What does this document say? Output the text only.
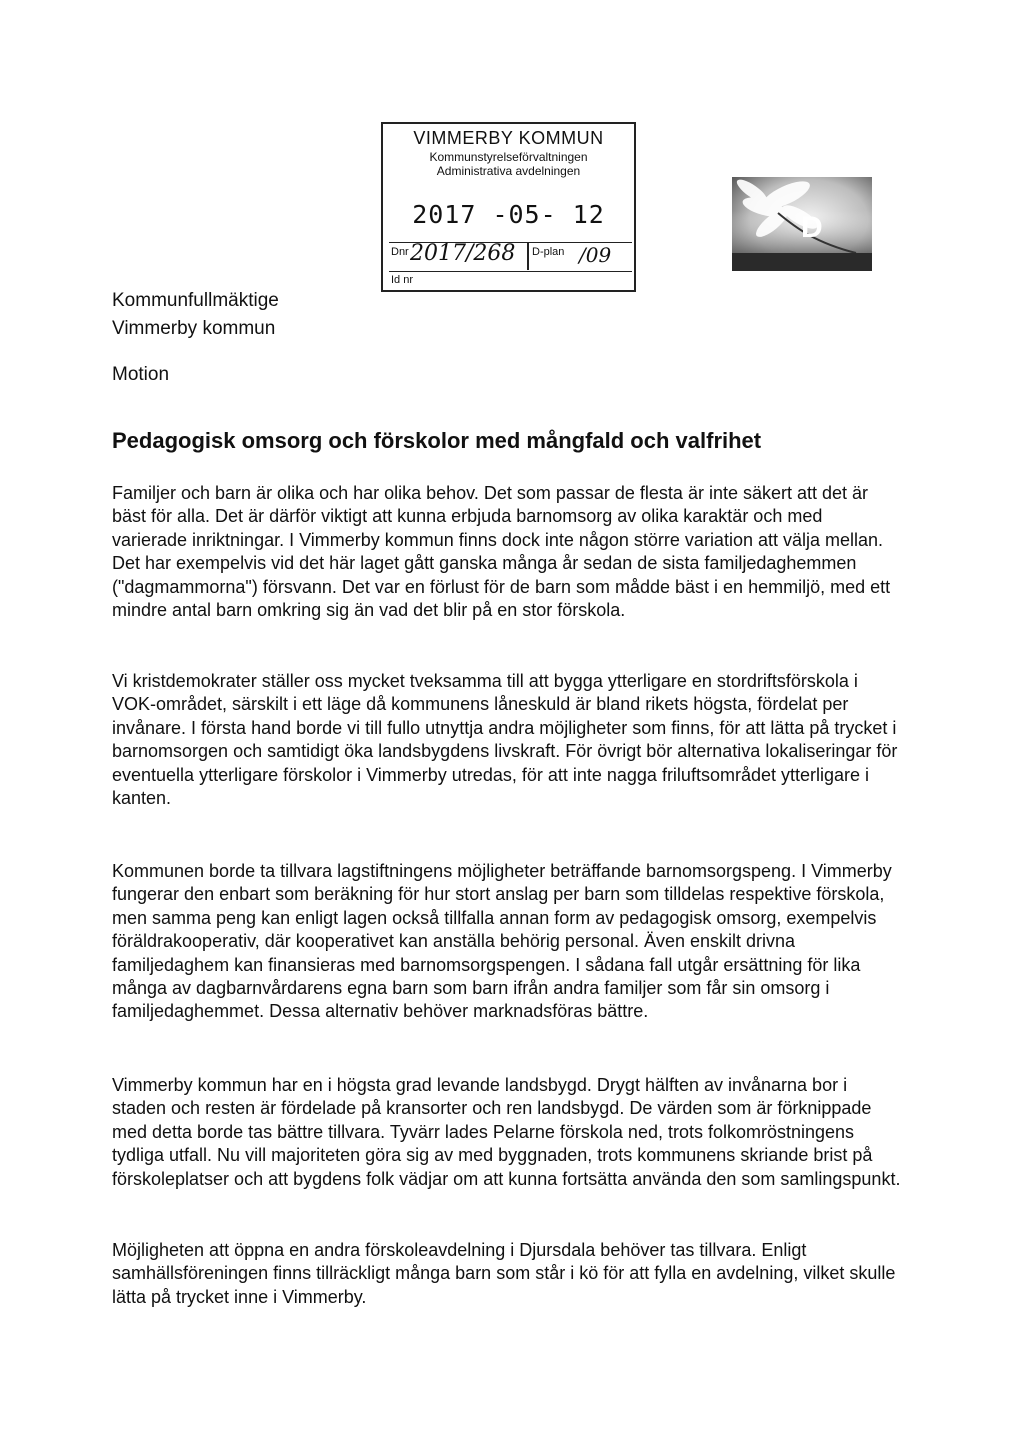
VIMMERBY KOMMUN
Kommunstyrelseförvaltningen
Administrativa avdelningen
2017 -05- 12
Dnr 2017/268 D-plan /09
Id nr
D
Kommunfullmäktige
Vimmerby kommun
Motion
Pedagogisk omsorg och förskolor med mångfald och valfrihet

Familjer och barn är olika och har olika behov. Det som passar de flesta är inte säkert att det är bäst för alla. Det är därför viktigt att kunna erbjuda barnomsorg av olika karaktär och med varierade inriktningar. I Vimmerby kommun finns dock inte någon större variation att välja mellan. Det har exempelvis vid det här laget gått ganska många år sedan de sista familjedaghemmen ("dagmammorna") försvann. Det var en förlust för de barn som mådde bäst i en hemmiljö, med ett mindre antal barn omkring sig än vad det blir på en stor förskola.

Vi kristdemokrater ställer oss mycket tveksamma till att bygga ytterligare en stordriftsförskola i VOK-området, särskilt i ett läge då kommunens låneskuld är bland rikets högsta, fördelat per invånare. I första hand borde vi till fullo utnyttja andra möjligheter som finns, för att lätta på trycket i barnomsorgen och samtidigt öka landsbygdens livskraft. För övrigt bör alternativa lokaliseringar för eventuella ytterligare förskolor i Vimmerby utredas, för att inte nagga friluftsområdet ytterligare i kanten.

Kommunen borde ta tillvara lagstiftningens möjligheter beträffande barnomsorgspeng. I Vimmerby fungerar den enbart som beräkning för hur stort anslag per barn som tilldelas respektive förskola, men samma peng kan enligt lagen också tillfalla annan form av pedagogisk omsorg, exempelvis föräldrakooperativ, där kooperativet kan anställa behörig personal. Även enskilt drivna familjedaghem kan finansieras med barnomsorgspengen. I sådana fall utgår ersättning för lika många av dagbarnvårdarens egna barn som barn ifrån andra familjer som får sin omsorg i familjedaghemmet. Dessa alternativ behöver marknadsföras bättre.

Vimmerby kommun har en i högsta grad levande landsbygd. Drygt hälften av invånarna bor i staden och resten är fördelade på kransorter och ren landsbygd. De värden som är förknippade med detta borde tas bättre tillvara. Tyvärr lades Pelarne förskola ned, trots folkomröstningens tydliga utfall. Nu vill majoriteten göra sig av med byggnaden, trots kommunens skriande brist på förskoleplatser och att bygdens folk vädjar om att kunna fortsätta använda den som samlingspunkt.

Möjligheten att öppna en andra förskoleavdelning i Djursdala behöver tas tillvara. Enligt samhällsföreningen finns tillräckligt många barn som står i kö för att fylla en avdelning, vilket skulle lätta på trycket inne i Vimmerby.
